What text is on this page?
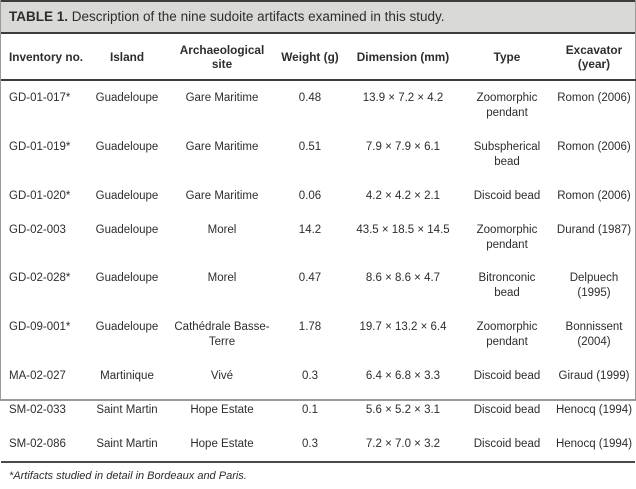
TABLE 1. Description of the nine sudoite artifacts examined in this study.
Inventory no.	Island	Archaeological site	Weight (g)	Dimension (mm)	Type	Excavator (year)
GD-01-017*	Guadeloupe	Gare Maritime	0.48	13.9 × 7.2 × 4.2	Zoomorphic pendant	Romon (2006)
GD-01-019*	Guadeloupe	Gare Maritime	0.51	7.9 × 7.9 × 6.1	Subspherical bead	Romon (2006)
GD-01-020*	Guadeloupe	Gare Maritime	0.06	4.2 × 4.2 × 2.1	Discoid bead	Romon (2006)
GD-02-003	Guadeloupe	Morel	14.2	43.5 × 18.5 × 14.5	Zoomorphic pendant	Durand (1987)
GD-02-028*	Guadeloupe	Morel	0.47	8.6 × 8.6 × 4.7	Bitronconic bead	Delpuech (1995)
GD-09-001*	Guadeloupe	Cathédrale Basse-Terre	1.78	19.7 × 13.2 × 6.4	Zoomorphic pendant	Bonnissent (2004)
MA-02-027	Martinique	Vivé	0.3	6.4 × 6.8 × 3.3	Discoid bead	Giraud (1999)
SM-02-033	Saint Martin	Hope Estate	0.1	5.6 × 5.2 × 3.1	Discoid bead	Henocq (1994)
SM-02-086	Saint Martin	Hope Estate	0.3	7.2 × 7.0 × 3.2	Discoid bead	Henocq (1994)
*Artifacts studied in detail in Bordeaux and Paris.
